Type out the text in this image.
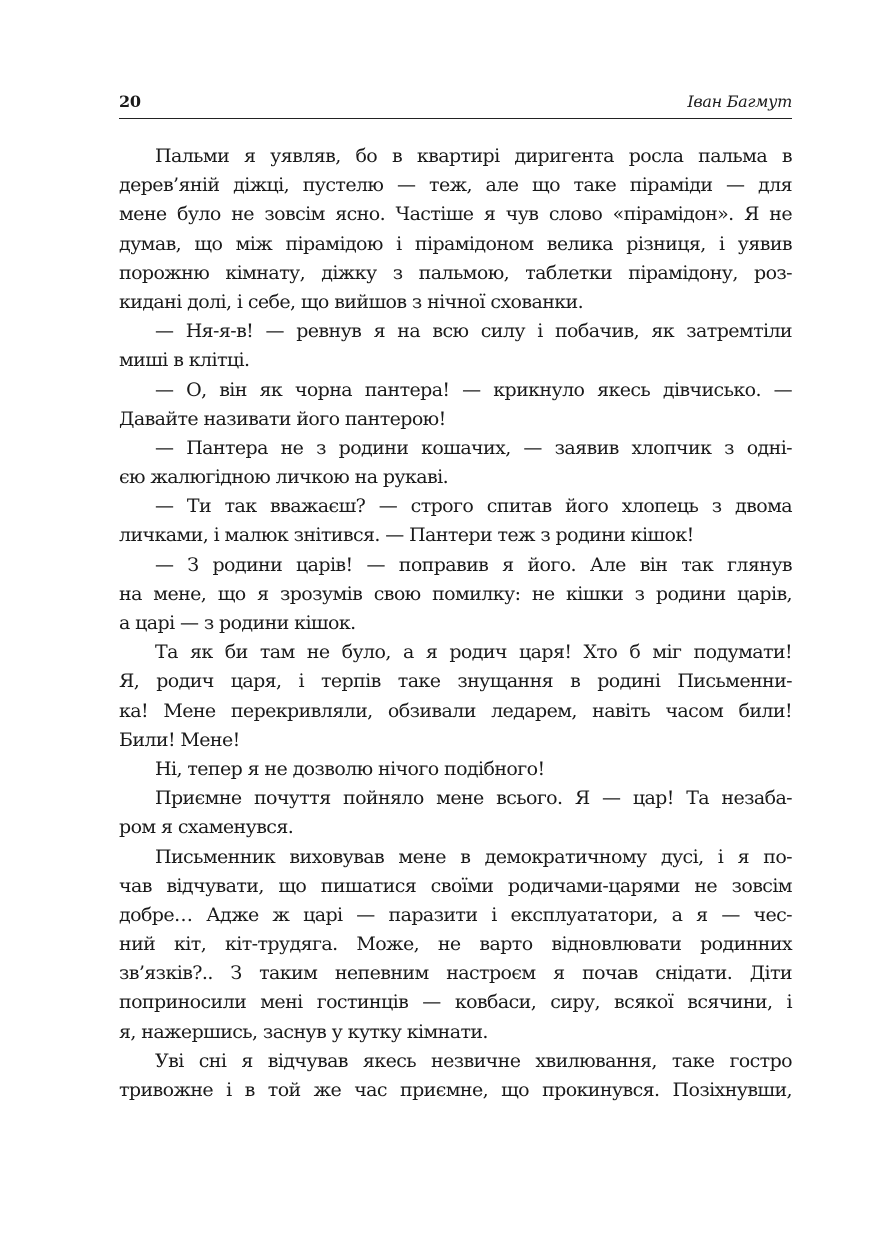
20	Іван Багмут
Пальми я уявляв, бо в квартирі диригента росла пальма в
дерев’яній діжці, пустелю — теж, але що таке піраміди — для
мене було не зовсім ясно. Частіше я чув слово «пірамідон». Я не
думав, що між пірамідою і пірамідоном велика різниця, і уявив
порожню кімнату, діжку з пальмою, таблетки пірамідону, роз-
кидані долі, і себе, що вийшов з нічної схованки.
— Ня-я-в! — ревнув я на всю силу і побачив, як затремтіли
миші в клітці.
— О, він як чорна пантера! — крикнуло якесь дівчисько. —
Давайте називати його пантерою!
— Пантера не з родини кошачих, — заявив хлопчик з одні-
єю жалюгідною личкою на рукаві.
— Ти так вважаєш? — строго спитав його хлопець з двома
личками, і малюк знітився. — Пантери теж з родини кішок!
— З родини царів! — поправив я його. Але він так глянув
на мене, що я зрозумів свою помилку: не кішки з родини царів,
а царі — з родини кішок.
Та як би там не було, а я родич царя! Хто б міг подумати!
Я, родич царя, і терпів таке знущання в родині Письменни-
ка! Мене перекривляли, обзивали ледарем, навіть часом били!
Били! Мене!
Ні, тепер я не дозволю нічого подібного!
Приємне почуття пойняло мене всього. Я — цар! Та незаба-
ром я схаменувся.
Письменник виховував мене в демократичному дусі, і я по-
чав відчувати, що пишатися своїми родичами-царями не зовсім
добре… Адже ж царі — паразити і експлуататори, а я — чес-
ний кіт, кіт-трудяга. Може, не варто відновлювати родинних
зв’язків?.. З таким непевним настроєм я почав снідати. Діти
поприносили мені гостинців — ковбаси, сиру, всякої всячини, і
я, нажершись, заснув у кутку кімнати.
Уві сні я відчував якесь незвичне хвилювання, таке гостро
тривожне і в той же час приємне, що прокинувся. Позіхнувши,
